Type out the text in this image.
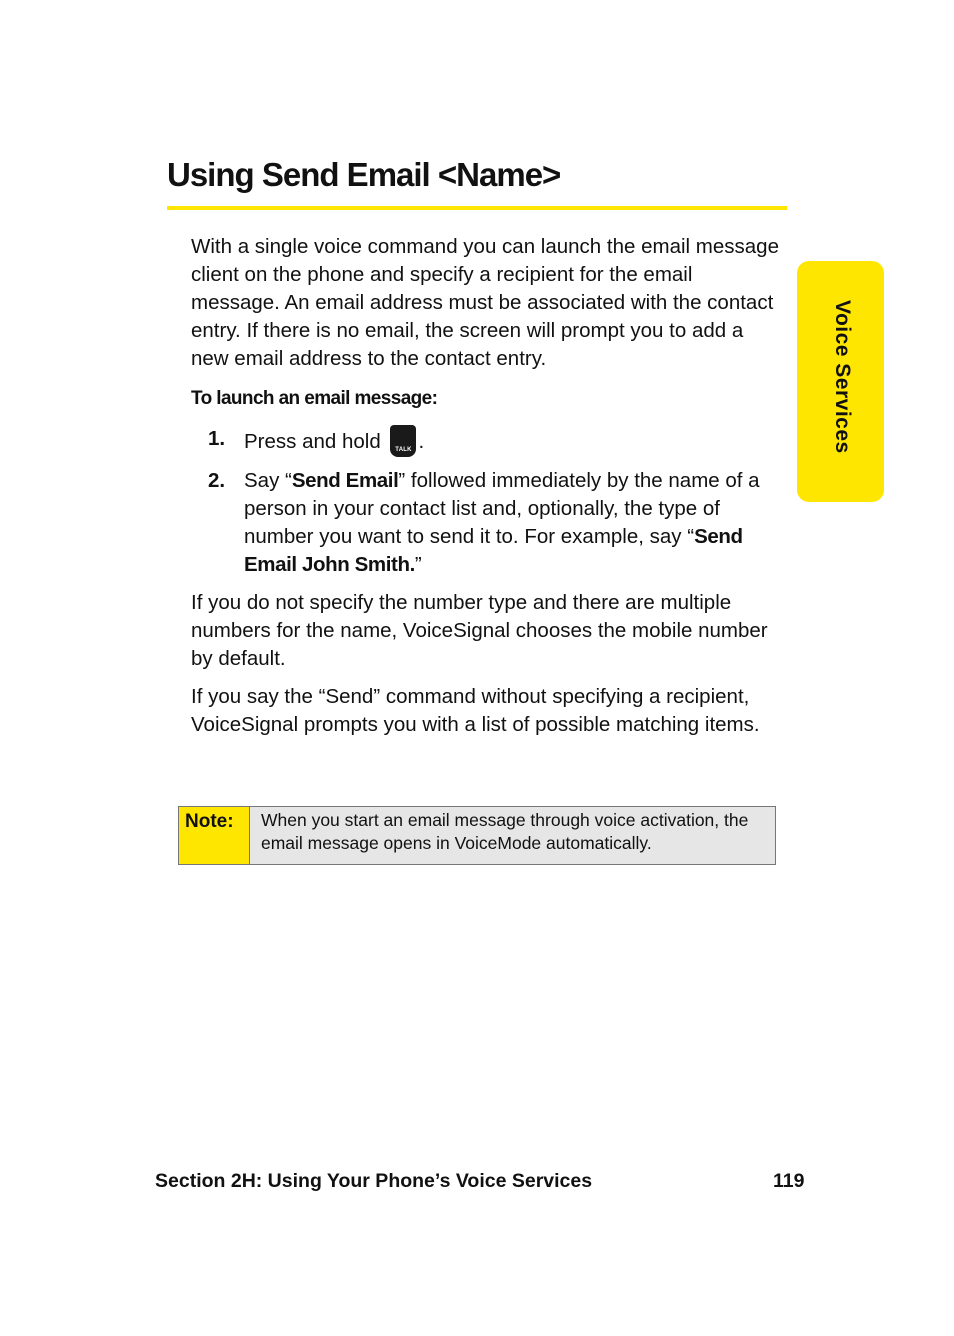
Using Send Email <Name>
Voice Services

With a single voice command you can launch the email message client on the phone and specify a recipient for the email message. An email address must be associated with the contact entry. If there is no email, the screen will prompt you to add a new email address to the contact entry.

To launch an email message:

1. Press and hold	TALK .
2. Say “Send Email” followed immediately by the name of a person in your contact list and, optionally, the type of number you want to send it to. For example, say “Send Email John Smith.”

If you do not specify the number type and there are multiple numbers for the name, VoiceSignal chooses the mobile number by default.

If you say the “Send” command without specifying a recipient, VoiceSignal prompts you with a list of possible matching items.

Note:	When you start an email message through voice activation, the email message opens in VoiceMode automatically.
Section 2H: Using Your Phone’s Voice Services	119
